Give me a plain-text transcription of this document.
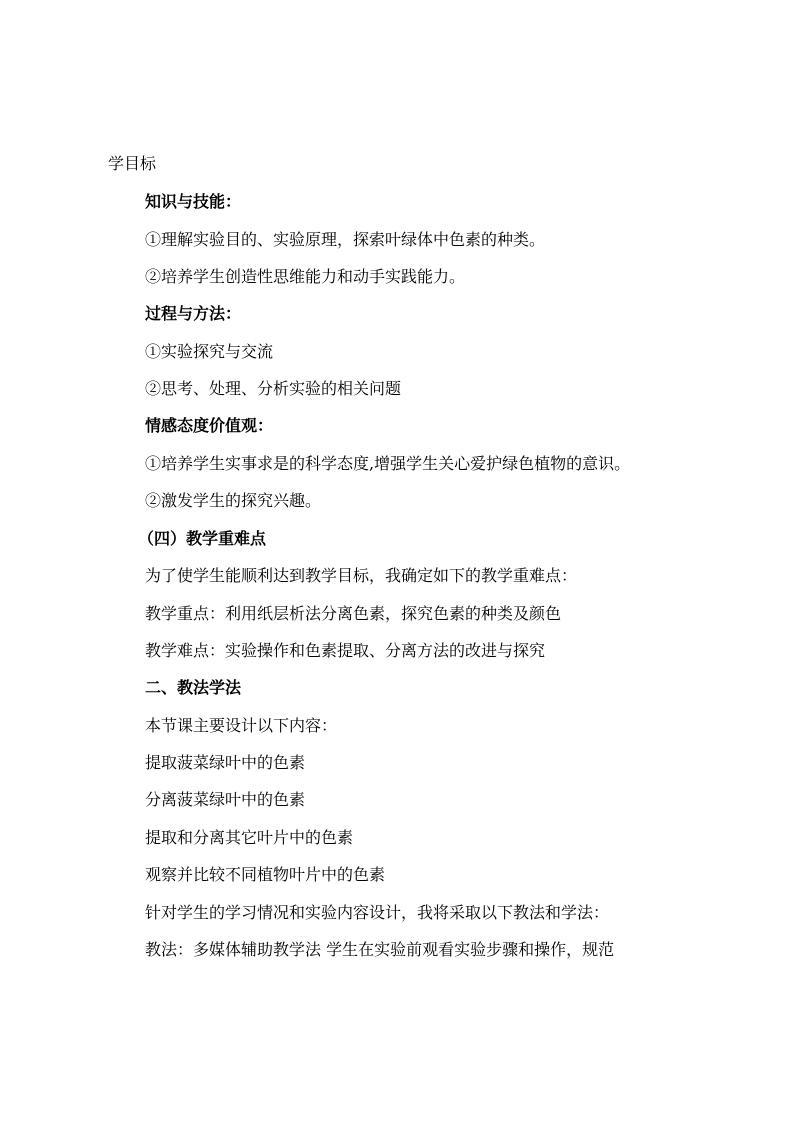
学目标

知识与技能：

①理解实验目的、实验原理，探索叶绿体中色素的种类。

②培养学生创造性思维能力和动手实践能力。

过程与方法：

①实验探究与交流

②思考、处理、分析实验的相关问题

情感态度价值观：

①培养学生实事求是的科学态度,增强学生关心爱护绿色植物的意识。

②激发学生的探究兴趣。

（四）教学重难点

为了使学生能顺利达到教学目标，我确定如下的教学重难点：

教学重点：利用纸层析法分离色素，探究色素的种类及颜色

教学难点：实验操作和色素提取、分离方法的改进与探究

二、教法学法

本节课主要设计以下内容：

提取菠菜绿叶中的色素

分离菠菜绿叶中的色素

提取和分离其它叶片中的色素

观察并比较不同植物叶片中的色素

针对学生的学习情况和实验内容设计，我将采取以下教法和学法：

教法：多媒体辅助教学法 学生在实验前观看实验步骤和操作，规范
